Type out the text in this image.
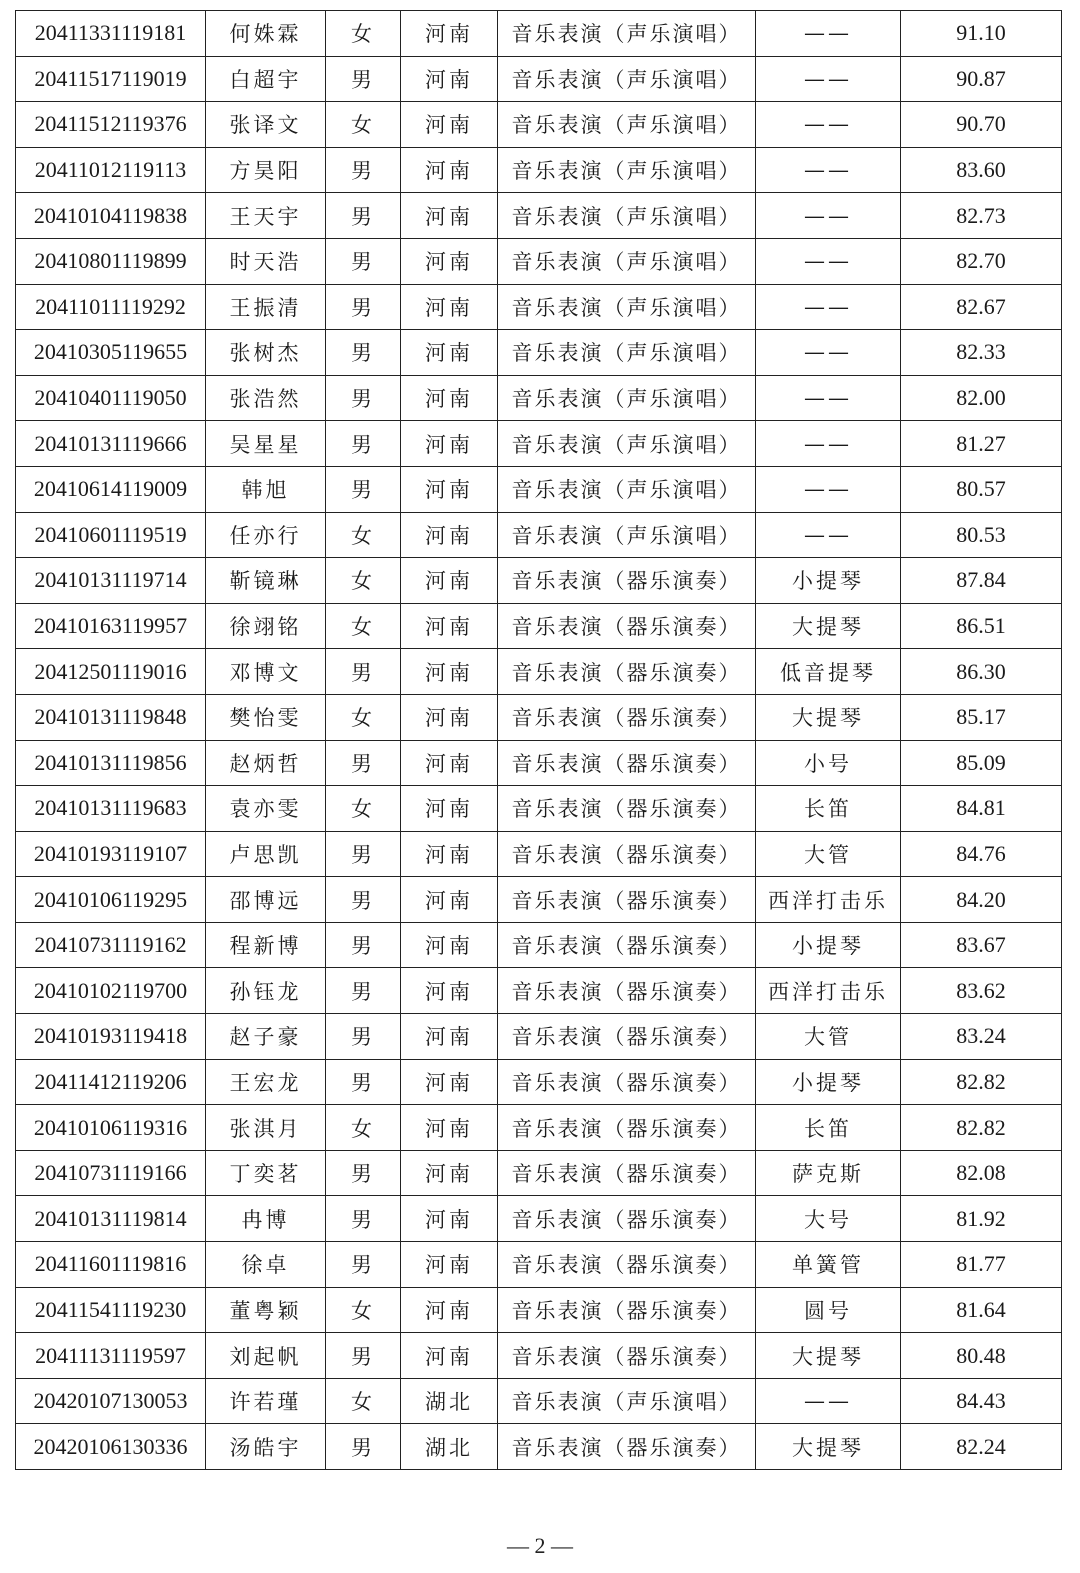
20411331119181	何姝霖	女	河南	音乐表演（声乐演唱）	——	91.10
20411517119019	白超宇	男	河南	音乐表演（声乐演唱）	——	90.87
20411512119376	张译文	女	河南	音乐表演（声乐演唱）	——	90.70
20411012119113	方昊阳	男	河南	音乐表演（声乐演唱）	——	83.60
20410104119838	王天宇	男	河南	音乐表演（声乐演唱）	——	82.73
20410801119899	时天浩	男	河南	音乐表演（声乐演唱）	——	82.70
20411011119292	王振清	男	河南	音乐表演（声乐演唱）	——	82.67
20410305119655	张树杰	男	河南	音乐表演（声乐演唱）	——	82.33
20410401119050	张浩然	男	河南	音乐表演（声乐演唱）	——	82.00
20410131119666	吴星星	男	河南	音乐表演（声乐演唱）	——	81.27
20410614119009	韩旭	男	河南	音乐表演（声乐演唱）	——	80.57
20410601119519	任亦行	女	河南	音乐表演（声乐演唱）	——	80.53
20410131119714	靳镜琳	女	河南	音乐表演（器乐演奏）	小提琴	87.84
20410163119957	徐翊铭	女	河南	音乐表演（器乐演奏）	大提琴	86.51
20412501119016	邓博文	男	河南	音乐表演（器乐演奏）	低音提琴	86.30
20410131119848	樊怡雯	女	河南	音乐表演（器乐演奏）	大提琴	85.17
20410131119856	赵炳哲	男	河南	音乐表演（器乐演奏）	小号	85.09
20410131119683	袁亦雯	女	河南	音乐表演（器乐演奏）	长笛	84.81
20410193119107	卢思凯	男	河南	音乐表演（器乐演奏）	大管	84.76
20410106119295	邵博远	男	河南	音乐表演（器乐演奏）	西洋打击乐	84.20
20410731119162	程新博	男	河南	音乐表演（器乐演奏）	小提琴	83.67
20410102119700	孙钰龙	男	河南	音乐表演（器乐演奏）	西洋打击乐	83.62
20410193119418	赵子豪	男	河南	音乐表演（器乐演奏）	大管	83.24
20411412119206	王宏龙	男	河南	音乐表演（器乐演奏）	小提琴	82.82
20410106119316	张淇月	女	河南	音乐表演（器乐演奏）	长笛	82.82
20410731119166	丁奕茗	男	河南	音乐表演（器乐演奏）	萨克斯	82.08
20410131119814	冉博	男	河南	音乐表演（器乐演奏）	大号	81.92
20411601119816	徐卓	男	河南	音乐表演（器乐演奏）	单簧管	81.77
20411541119230	董粤颖	女	河南	音乐表演（器乐演奏）	圆号	81.64
20411131119597	刘起帆	男	河南	音乐表演（器乐演奏）	大提琴	80.48
20420107130053	许若瑾	女	湖北	音乐表演（声乐演唱）	——	84.43
20420106130336	汤皓宇	男	湖北	音乐表演（器乐演奏）	大提琴	82.24
— 2 —
